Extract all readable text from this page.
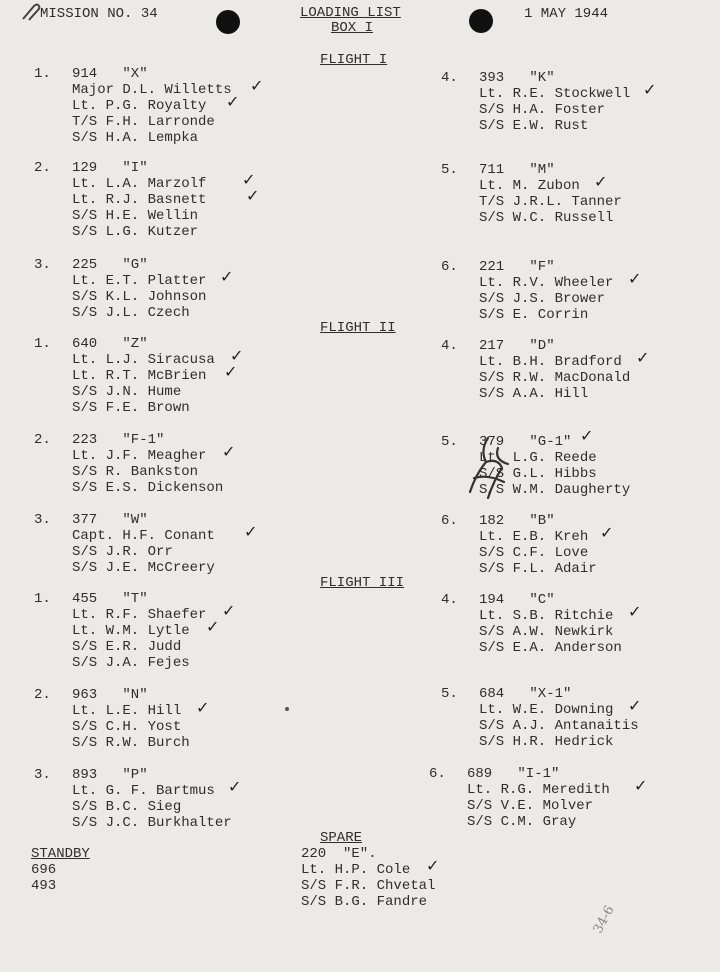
MISSION NO. 34	LOADING LIST
BOX I
1 MAY 1944
FLIGHT I
FLIGHT II
FLIGHT III
1. 914   "X"
Major D.L. Willetts
Lt. P.G. Royalty
T/S F.H. Larronde
S/S H.A. Lempka
2. 129   "I"
Lt. L.A. Marzolf
Lt. R.J. Basnett
S/S H.E. Wellin
S/S L.G. Kutzer
3. 225   "G"
Lt. E.T. Platter
S/S K.L. Johnson
S/S J.L. Czech
1. 640   "Z"
Lt. L.J. Siracusa
Lt. R.T. McBrien
S/S J.N. Hume
S/S F.E. Brown
2. 223   "F-1"
Lt. J.F. Meagher
S/S R. Bankston
S/S E.S. Dickenson
3. 377   "W"
Capt. H.F. Conant
S/S J.R. Orr
S/S J.E. McCreery
1. 455   "T"
Lt. R.F. Shaefer
Lt. W.M. Lytle
S/S E.R. Judd
S/S J.A. Fejes
2. 963   "N"
Lt. L.E. Hill
S/S C.H. Yost
S/S R.W. Burch
3. 893   "P"
Lt. G. F. Bartmus
S/S B.C. Sieg
S/S J.C. Burkhalter
4. 393   "K"
Lt. R.E. Stockwell
S/S H.A. Foster
S/S E.W. Rust
5. 711   "M"
Lt. M. Zubon
T/S J.R.L. Tanner
S/S W.C. Russell
6. 221   "F"
Lt. R.V. Wheeler
S/S J.S. Brower
S/S E. Corrin
4. 217   "D"
Lt. B.H. Bradford
S/S R.W. MacDonald
S/S A.A. Hill
5. 379   "G-1"
Lt. L.G. Reede
S/S G.L. Hibbs
S/S W.M. Daugherty
6. 182   "B"
Lt. E.B. Kreh
S/S C.F. Love
S/S F.L. Adair
4. 194   "C"
Lt. S.B. Ritchie
S/S A.W. Newkirk
S/S E.A. Anderson
5. 684   "X-1"
Lt. W.E. Downing
S/S A.J. Antanaitis
S/S H.R. Hedrick
6. 689   "I-1"
Lt. R.G. Meredith
S/S V.E. Molver
S/S C.M. Gray
STANDBY
696
493
SPARE
220  "E".
Lt. H.P. Cole
S/S F.R. Chvetal
S/S B.G. Fandre
✓
✓
✓
✓
✓
✓
✓
✓
✓
✓
✓
✓
✓
✓
✓
✓
✓
✓
✓
✓
✓
✓
✓
34-6
